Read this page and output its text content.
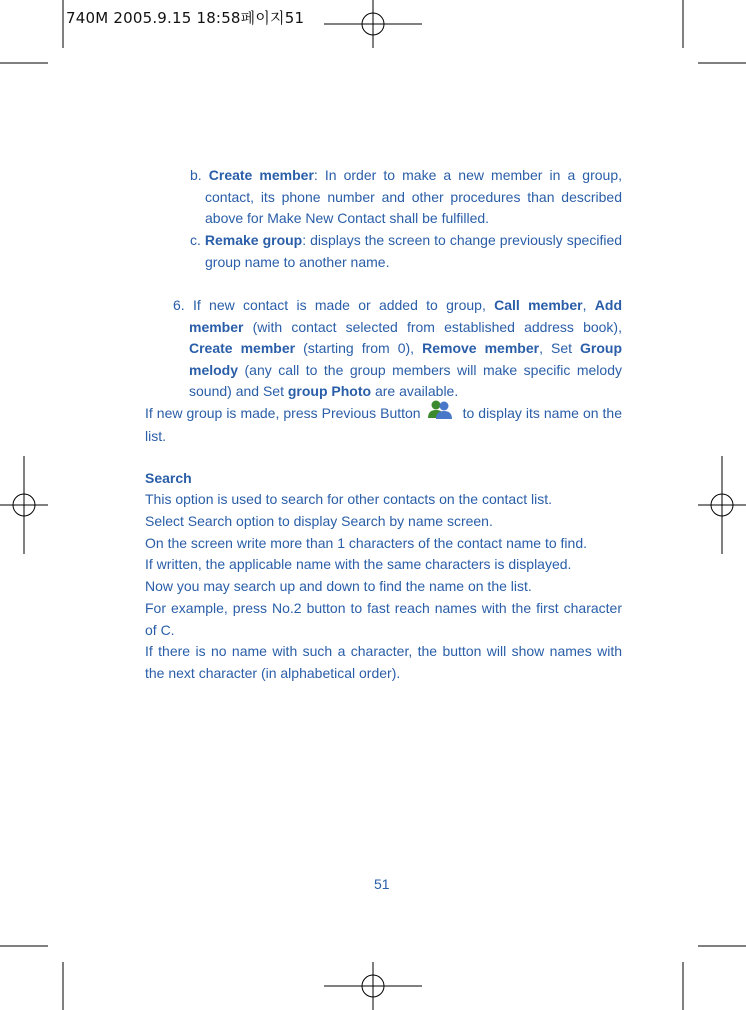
740M 2005.9.15 18:58페이지51

b. Create member: In order to make a new member in a group, contact, its phone number and other procedures than described above for Make New Contact shall be fulfilled.

c. Remake group: displays the screen to change previously specified group name to another name.

6. If new contact is made or added to group, Call member, Add member (with contact selected from established address book), Create member (starting from 0), Remove member, Set Group melody (any call to the group members will make specific melody sound) and Set group Photo are available.

If new group is made, press Previous Button	to display its name on the list.

Search

This option is used to search for other contacts on the contact list.

Select Search option to display Search by name screen.

On the screen write more than 1 characters of the contact name to find.

If written, the applicable name with the same characters is displayed.

Now you may search up and down to find the name on the list.

For example, press No.2 button to fast reach names with the first character of C.

If there is no name with such a character, the button will show names with the next character (in alphabetical order).

51
